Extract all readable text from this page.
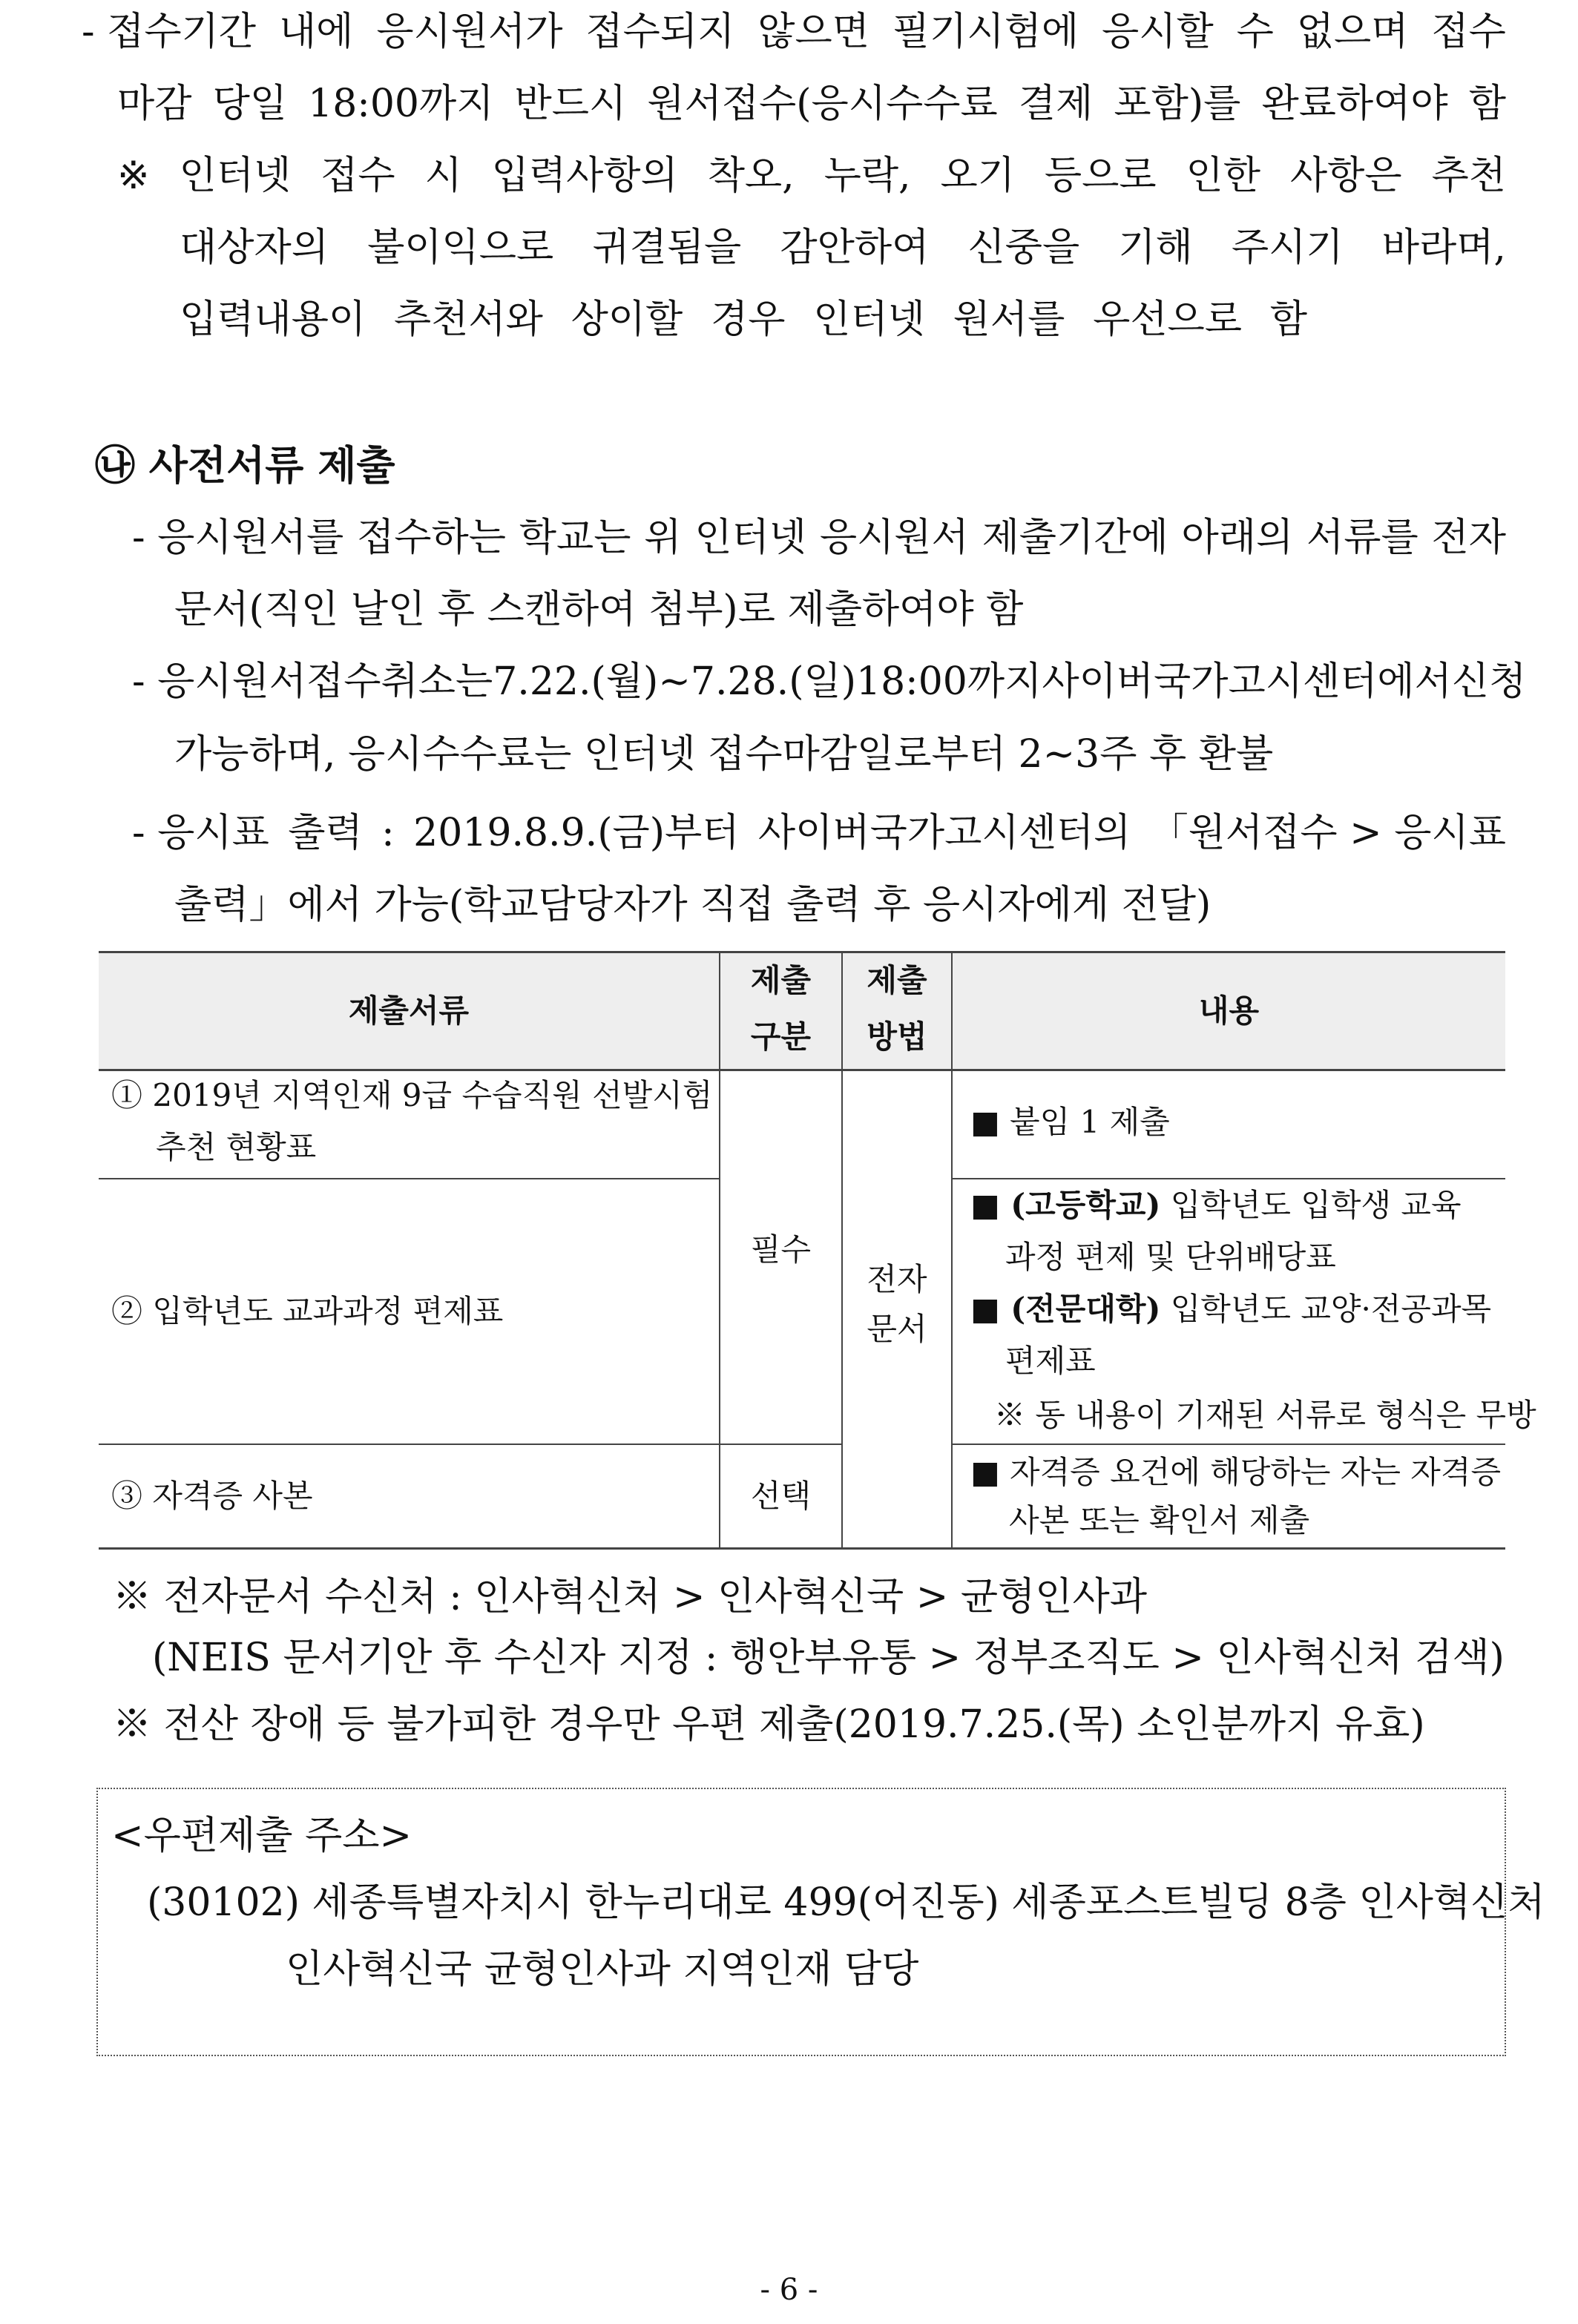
- 접수기간 내에 응시원서가 접수되지 않으면 필기시험에 응시할 수 없으며 접수
마감 당일 18:00까지 반드시 원서접수(응시수수료 결제 포함)를 완료하여야 함
※ 인터넷 접수 시 입력사항의 착오, 누락, 오기 등으로 인한 사항은 추천
대상자의 불이익으로 귀결됨을 감안하여 신중을 기해 주시기 바라며,
입력내용이 추천서와 상이할 경우 인터넷 원서를 우선으로 함
㉯ 사전서류 제출
- 응시원서를 접수하는 학교는 위 인터넷 응시원서 제출기간에 아래의 서류를 전자
문서(직인 날인 후 스캔하여 첨부)로 제출하여야 함
- 응시원서 접수 취소는 7.22.(월)~7.28.(일) 18:00까지 사이버국가고시센터에서 신청
가능하며, 응시수수료는 인터넷 접수마감일로부터 2~3주 후 환불
- 응시표 출력 : 2019.8.9.(금)부터 사이버국가고시센터의 「원서접수 > 응시표
출력」에서 가능(학교담당자가 직접 출력 후 응시자에게 전달)
제출서류
제출
구분
제출
방법
내용
① 2019년 지역인재 9급 수습직원 선발시험
추천 현황표
■ 붙임 1 제출
② 입학년도 교과과정 편제표
■ (고등학교) 입학년도 입학생 교육
과정 편제 및 단위배당표
■ (전문대학) 입학년도 교양·전공과목
편제표
※ 동 내용이 기재된 서류로 형식은 무방
필수
전자
문서
③ 자격증 사본	선택
■ 자격증 요건에 해당하는 자는 자격증
사본 또는 확인서 제출
※ 전자문서 수신처 : 인사혁신처 > 인사혁신국 > 균형인사과
(NEIS 문서기안 후 수신자 지정 : 행안부유통 > 정부조직도 > 인사혁신처 검색)
※ 전산 장애 등 불가피한 경우만 우편 제출(2019.7.25.(목) 소인분까지 유효)
<우편제출 주소>
(30102) 세종특별자치시 한누리대로 499(어진동) 세종포스트빌딩 8층 인사혁신처
인사혁신국 균형인사과 지역인재 담당
- 6 -
